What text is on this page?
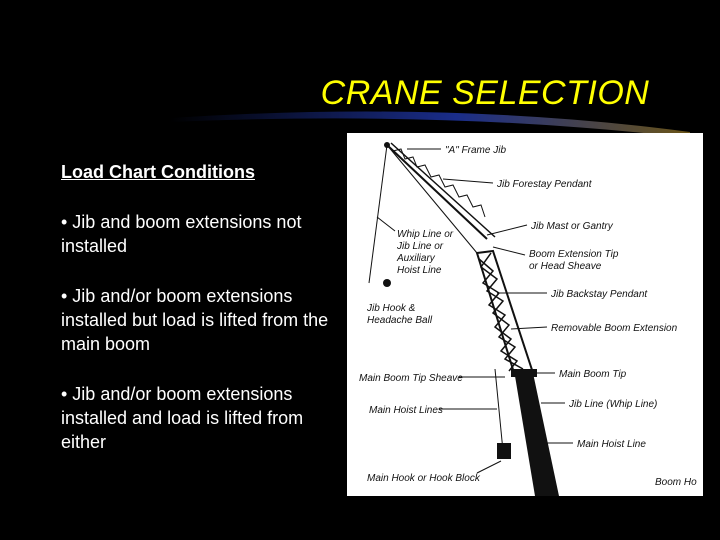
CRANE SELECTION
Load Chart Conditions
• Jib and boom extensions not installed
• Jib and/or boom extensions installed but load is lifted from the main boom
• Jib and/or boom extensions installed and load is lifted from either
"A" Frame Jib
Jib Forestay Pendant
Whip Line or
Jib Line or
Auxiliary
Hoist Line
Jib Mast or Gantry
Boom Extension Tip
or Head Sheave
Jib Hook &
Headache Ball
Jib Backstay Pendant
Removable Boom Extension
Main Boom Tip Sheave	Main Boom Tip
Main Hoist Lines
Jib Line (Whip Line)
Main Hoist Line
Main Hook or Hook Block	Boom Ho
